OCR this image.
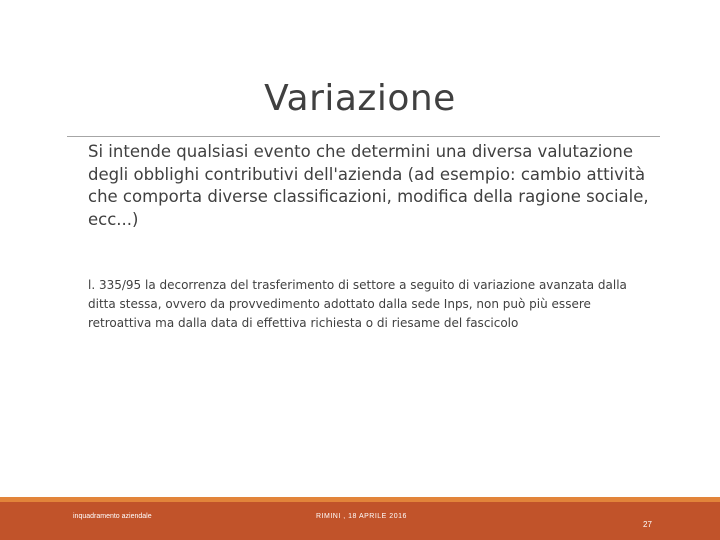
Variazione
Si intende qualsiasi evento che determini una diversa valutazione degli obblighi contributivi dell'azienda (ad esempio: cambio attività che comporta diverse classificazioni, modifica della ragione sociale, ecc...)
l. 335/95 la decorrenza del trasferimento di settore a seguito di variazione avanzata dalla ditta stessa, ovvero da provvedimento adottato dalla sede Inps, non può più essere retroattiva ma dalla data di effettiva richiesta o di riesame del fascicolo
inquadramento aziendale	RIMINI , 18 APRILE 2016
27
